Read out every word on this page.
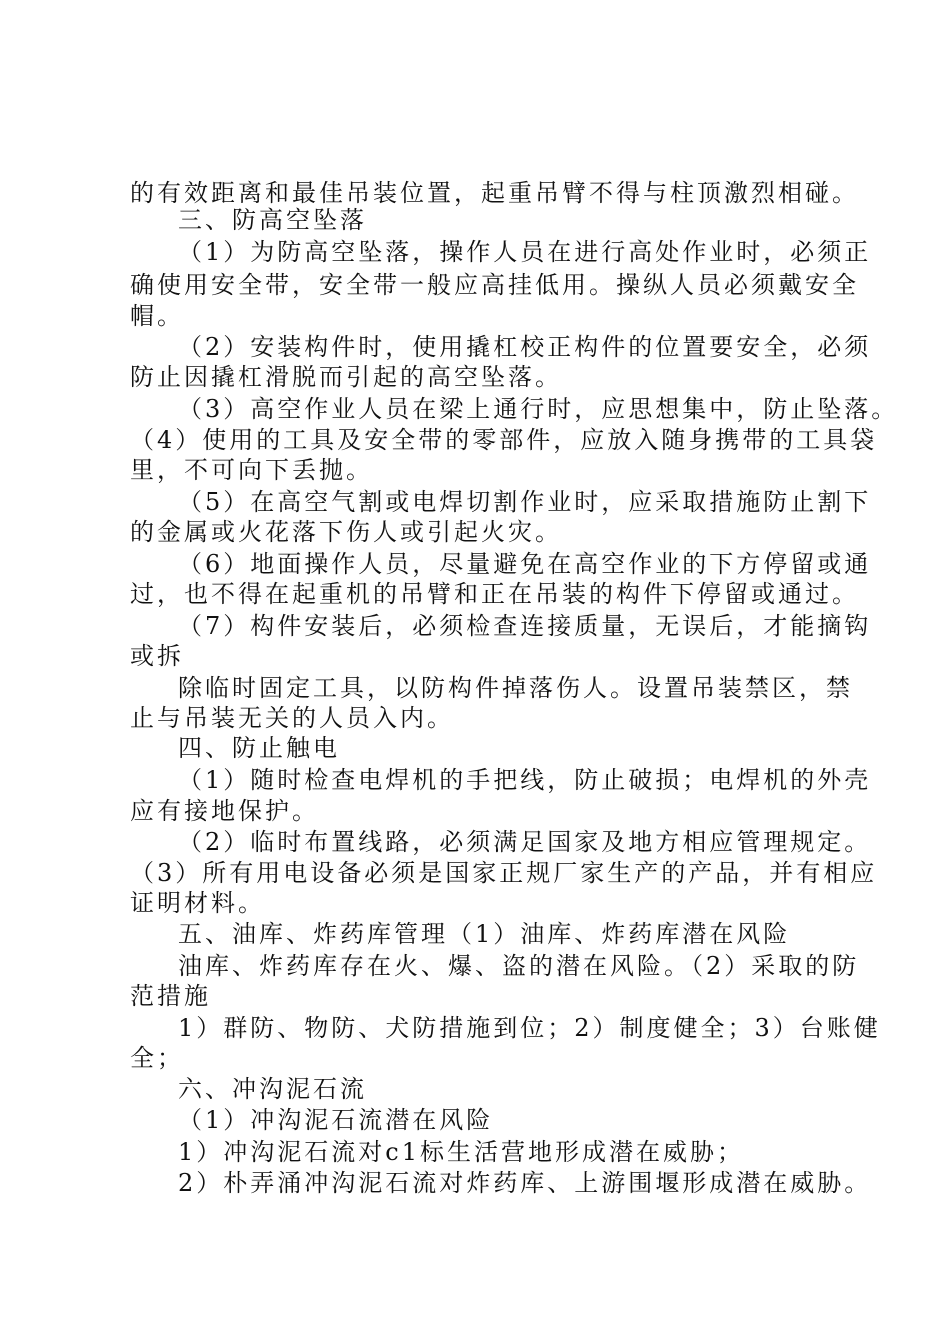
的有效距离和最佳吊装位置，起重吊臂不得与柱顶激烈相碰。
三、防高空坠落
（1）为防高空坠落，操作人员在进行高处作业时，必须正
确使用安全带，安全带一般应高挂低用。操纵人员必须戴安全
帽。
（2）安装构件时，使用撬杠校正构件的位置要安全，必须
防止因撬杠滑脱而引起的高空坠落。
（3）高空作业人员在梁上通行时，应思想集中，防止坠落。
（4）使用的工具及安全带的零部件，应放入随身携带的工具袋
里，不可向下丢抛。
（5）在高空气割或电焊切割作业时，应采取措施防止割下
的金属或火花落下伤人或引起火灾。
（6）地面操作人员，尽量避免在高空作业的下方停留或通
过，也不得在起重机的吊臂和正在吊装的构件下停留或通过。
（7）构件安装后，必须检查连接质量，无误后，才能摘钩
或拆
除临时固定工具，以防构件掉落伤人。设置吊装禁区，禁
止与吊装无关的人员入内。
四、防止触电
（1）随时检查电焊机的手把线，防止破损；电焊机的外壳
应有接地保护。
（2）临时布置线路，必须满足国家及地方相应管理规定。
（3）所有用电设备必须是国家正规厂家生产的产品，并有相应
证明材料。
五、油库、炸药库管理（1）油库、炸药库潜在风险
油库、炸药库存在火、爆、盗的潜在风险。（2）采取的防
范措施
1）群防、物防、犬防措施到位；2）制度健全；3）台账健
全；
六、冲沟泥石流
（1）冲沟泥石流潜在风险
1）冲沟泥石流对c1标生活营地形成潜在威胁；
2）朴弄涌冲沟泥石流对炸药库、上游围堰形成潜在威胁。
